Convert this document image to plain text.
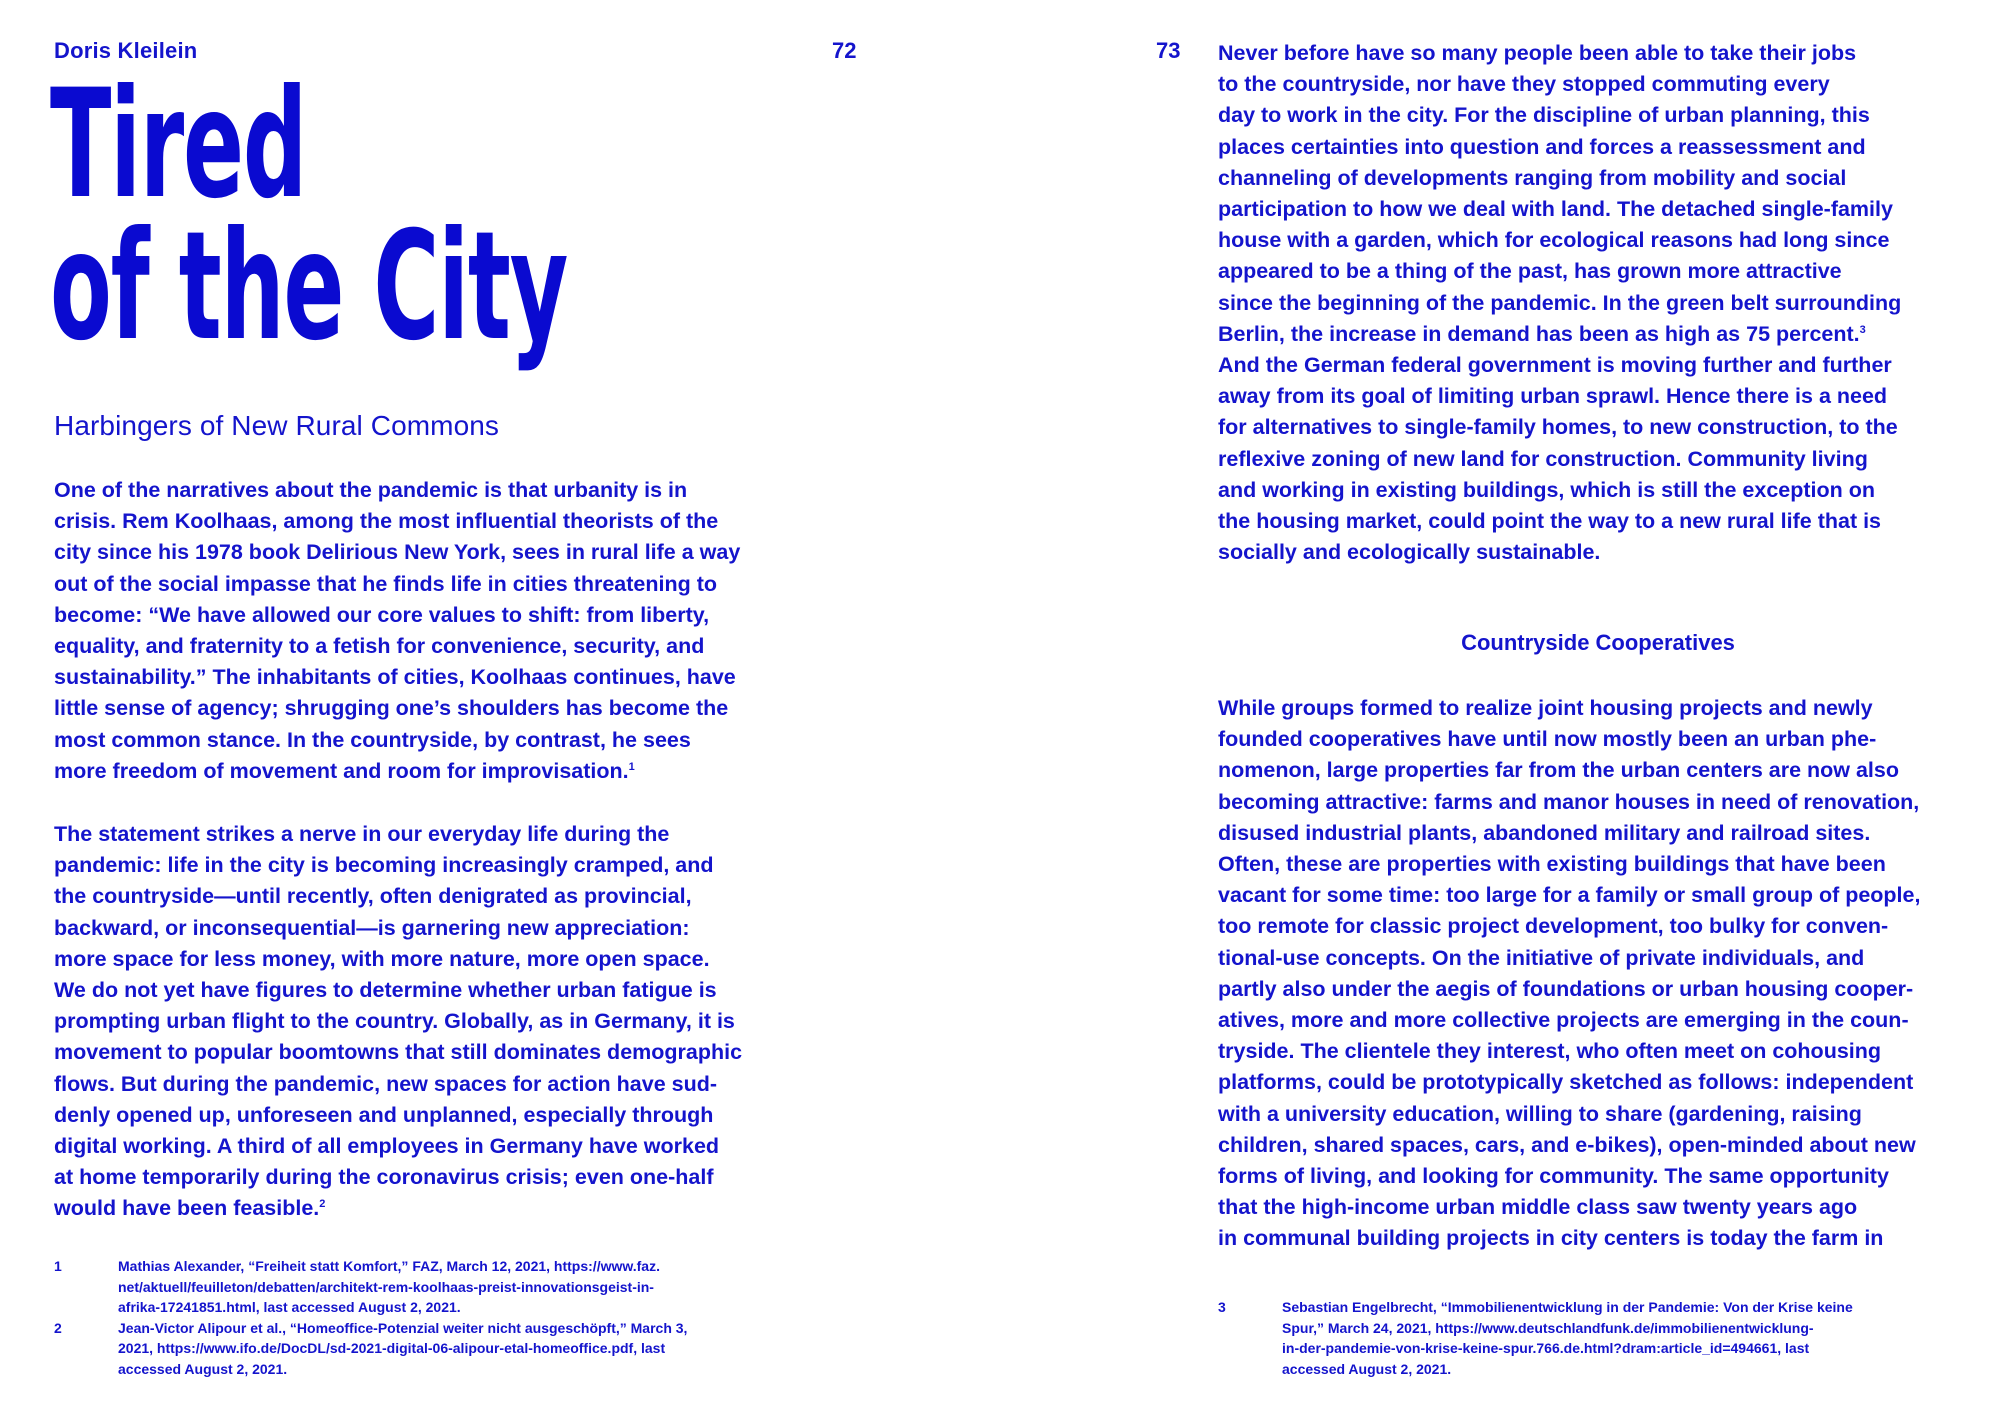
Doris Kleilein	72
Tired
of the City
Harbingers of New Rural Commons

One of the narratives about the pandemic is that urbanity is in
crisis. Rem Koolhaas, among the most influential theorists of the
city since his 1978 book Delirious New York, sees in rural life a way
out of the social impasse that he finds life in cities threatening to
become: “We have allowed our core values to shift: from liberty,
equality, and fraternity to a fetish for convenience, security, and
sustainability.” The inhabitants of cities, Koolhaas continues, have
little sense of agency; shrugging one’s shoulders has become the
most common stance. In the countryside, by contrast, he sees
more freedom of movement and room for improvisation.$^1$

The statement strikes a nerve in our everyday life during the
pandemic: life in the city is becoming increasingly cramped, and
the countryside—until recently, often denigrated as provincial,
backward, or inconsequential—is garnering new appreciation:
more space for less money, with more nature, more open space.
We do not yet have figures to determine whether urban fatigue is
prompting urban flight to the country. Globally, as in Germany, it is
movement to popular boomtowns that still dominates demographic
flows. But during the pandemic, new spaces for action have sud-
denly opened up, unforeseen and unplanned, especially through
digital working. A third of all employees in Germany have worked
at home temporarily during the coronavirus crisis; even one-half
would have been feasible.$^2$

1	Mathias Alexander, “Freiheit statt Komfort,” FAZ, March 12, 2021, https://www.faz.
net/aktuell/feuilleton/debatten/architekt-rem-koolhaas-preist-innovationsgeist-in-
afrika-17241851.html, last accessed August 2, 2021.
2	Jean-Victor Alipour et al., “Homeoffice-Potenzial weiter nicht ausgeschöpft,” March 3,
2021, https://www.ifo.de/DocDL/sd-2021-digital-06-alipour-etal-homeoffice.pdf, last
accessed August 2, 2021.
73 Never before have so many people been able to take their jobs
to the countryside, nor have they stopped commuting every
day to work in the city. For the discipline of urban planning, this
places certainties into question and forces a reassessment and
channeling of developments ranging from mobility and social
participation to how we deal with land. The detached single-family
house with a garden, which for ecological reasons had long since
appeared to be a thing of the past, has grown more attractive
since the beginning of the pandemic. In the green belt surrounding
Berlin, the increase in demand has been as high as 75 percent.$^3$
And the German federal government is moving further and further
away from its goal of limiting urban sprawl. Hence there is a need
for alternatives to single-family homes, to new construction, to the
reflexive zoning of new land for construction. Community living
and working in existing buildings, which is still the exception on
the housing market, could point the way to a new rural life that is
socially and ecologically sustainable.

Countryside Cooperatives

While groups formed to realize joint housing projects and newly
founded cooperatives have until now mostly been an urban phe-
nomenon, large properties far from the urban centers are now also
becoming attractive: farms and manor houses in need of renovation,
disused industrial plants, abandoned military and railroad sites.
Often, these are properties with existing buildings that have been
vacant for some time: too large for a family or small group of people,
too remote for classic project development, too bulky for conven-
tional-use concepts. On the initiative of private individuals, and
partly also under the aegis of foundations or urban housing cooper-
atives, more and more collective projects are emerging in the coun-
tryside. The clientele they interest, who often meet on cohousing
platforms, could be prototypically sketched as follows: independent
with a university education, willing to share (gardening, raising
children, shared spaces, cars, and e-bikes), open-minded about new
forms of living, and looking for community. The same opportunity
that the high-income urban middle class saw twenty years ago
in communal building projects in city centers is today the farm in

3	Sebastian Engelbrecht, “Immobilienentwicklung in der Pandemie: Von der Krise keine
Spur,” March 24, 2021, https://www.deutschlandfunk.de/immobilienentwicklung-
in-der-pandemie-von-krise-keine-spur.766.de.html?dram:article_id=494661, last
accessed August 2, 2021.
